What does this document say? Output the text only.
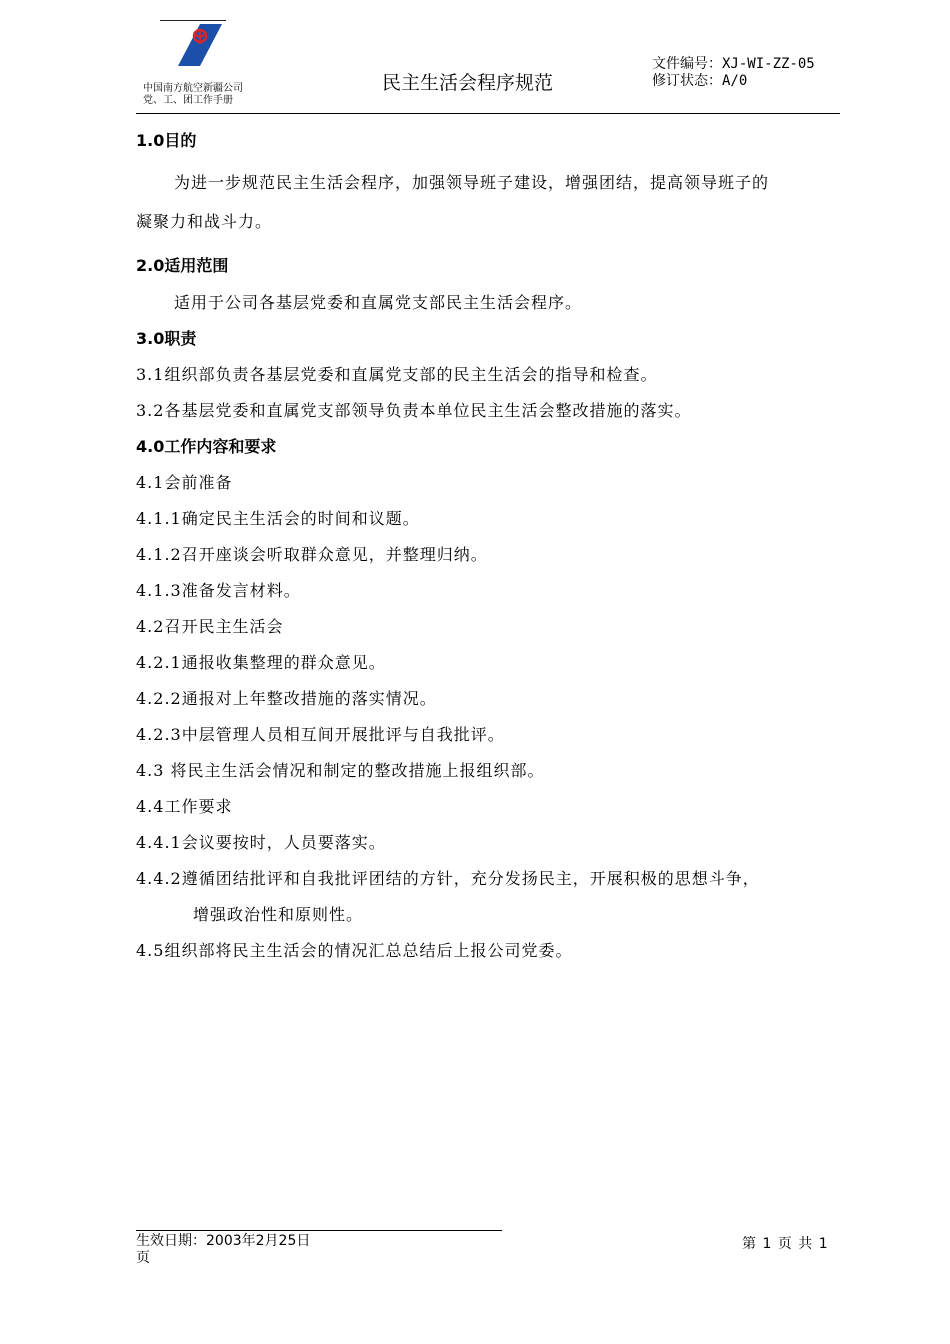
中国南方航空新疆公司
党、工、团工作手册
民主生活会程序规范
文件编号：XJ-WI-ZZ-05
修订状态：A/0

1.0目的

为进一步规范民主生活会程序，加强领导班子建设，增强团结，提高领导班子的

凝聚力和战斗力。

2.0适用范围

适用于公司各基层党委和直属党支部民主生活会程序。

3.0职责

3.1组织部负责各基层党委和直属党支部的民主生活会的指导和检查。

3.2各基层党委和直属党支部领导负责本单位民主生活会整改措施的落实。

4.0工作内容和要求

4.1会前准备

4.1.1确定民主生活会的时间和议题。

4.1.2召开座谈会听取群众意见，并整理归纳。

4.1.3准备发言材料。

4.2召开民主生活会

4.2.1通报收集整理的群众意见。

4.2.2通报对上年整改措施的落实情况。

4.2.3中层管理人员相互间开展批评与自我批评。

4.3 将民主生活会情况和制定的整改措施上报组织部。

4.4工作要求

4.4.1会议要按时，人员要落实。

4.4.2遵循团结批评和自我批评团结的方针，充分发扬民主，开展积极的思想斗争，

增强政治性和原则性。

4.5组织部将民主生活会的情况汇总总结后上报公司党委。

生效日期：2003年2月25日
页
第 1 页 共 1
